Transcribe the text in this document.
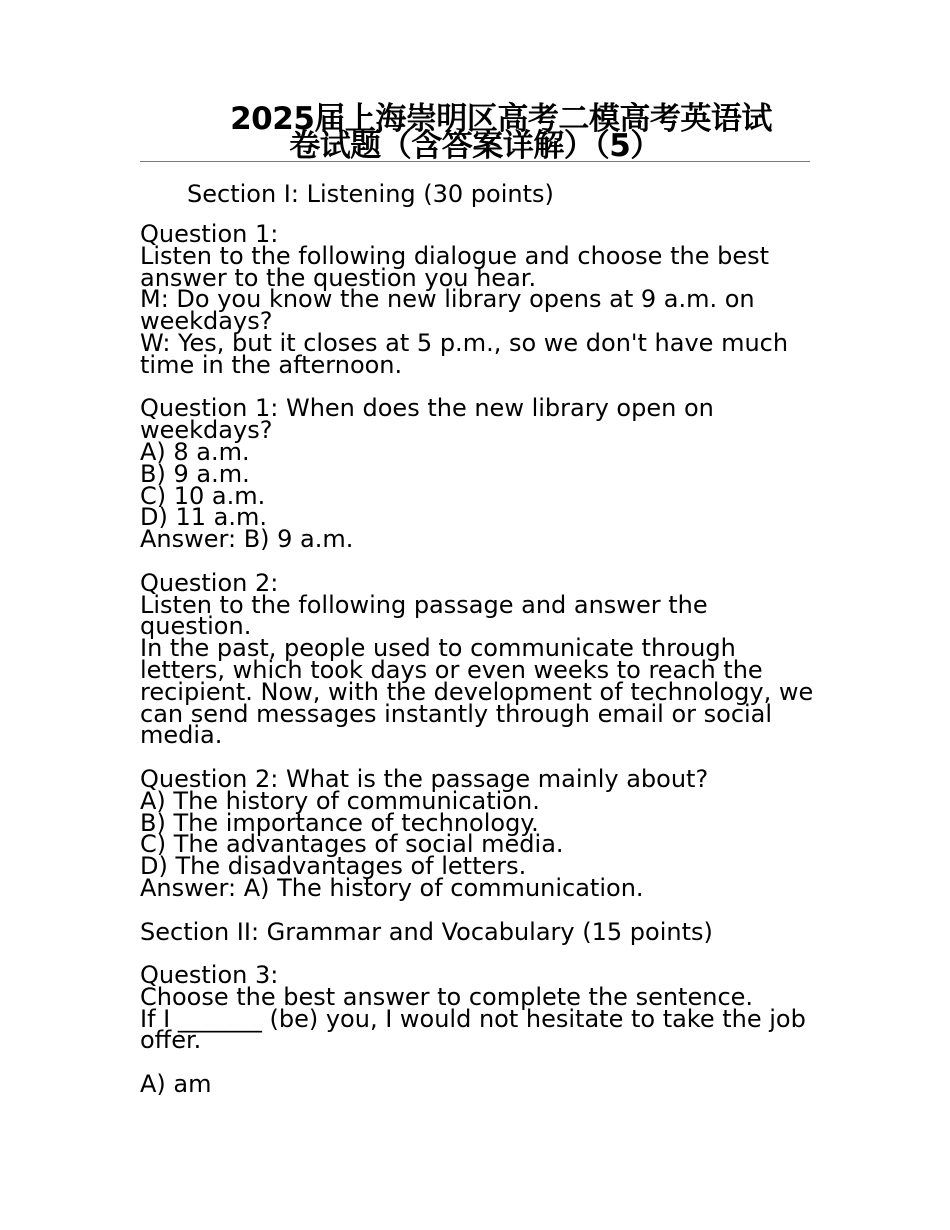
2025届上海崇明区高考二模高考英语试
卷试题（含答案详解）（5）
Section I: Listening (30 points)
Question 1:
Listen to the following dialogue and choose the best
answer to the question you hear.
M: Do you know the new library opens at 9 a.m. on
weekdays?
W: Yes, but it closes at 5 p.m., so we don't have much
time in the afternoon.
Question 1: When does the new library open on
weekdays?
A) 8 a.m.
B) 9 a.m.
C) 10 a.m.
D) 11 a.m.
Answer: B) 9 a.m.
Question 2:
Listen to the following passage and answer the
question.
In the past, people used to communicate through
letters, which took days or even weeks to reach the
recipient. Now, with the development of technology, we
can send messages instantly through email or social
media.
Question 2: What is the passage mainly about?
A) The history of communication.
B) The importance of technology.
C) The advantages of social media.
D) The disadvantages of letters.
Answer: A) The history of communication.
Section II: Grammar and Vocabulary (15 points)
Question 3:
Choose the best answer to complete the sentence.
If I _______ (be) you, I would not hesitate to take the job
offer.
A) am
